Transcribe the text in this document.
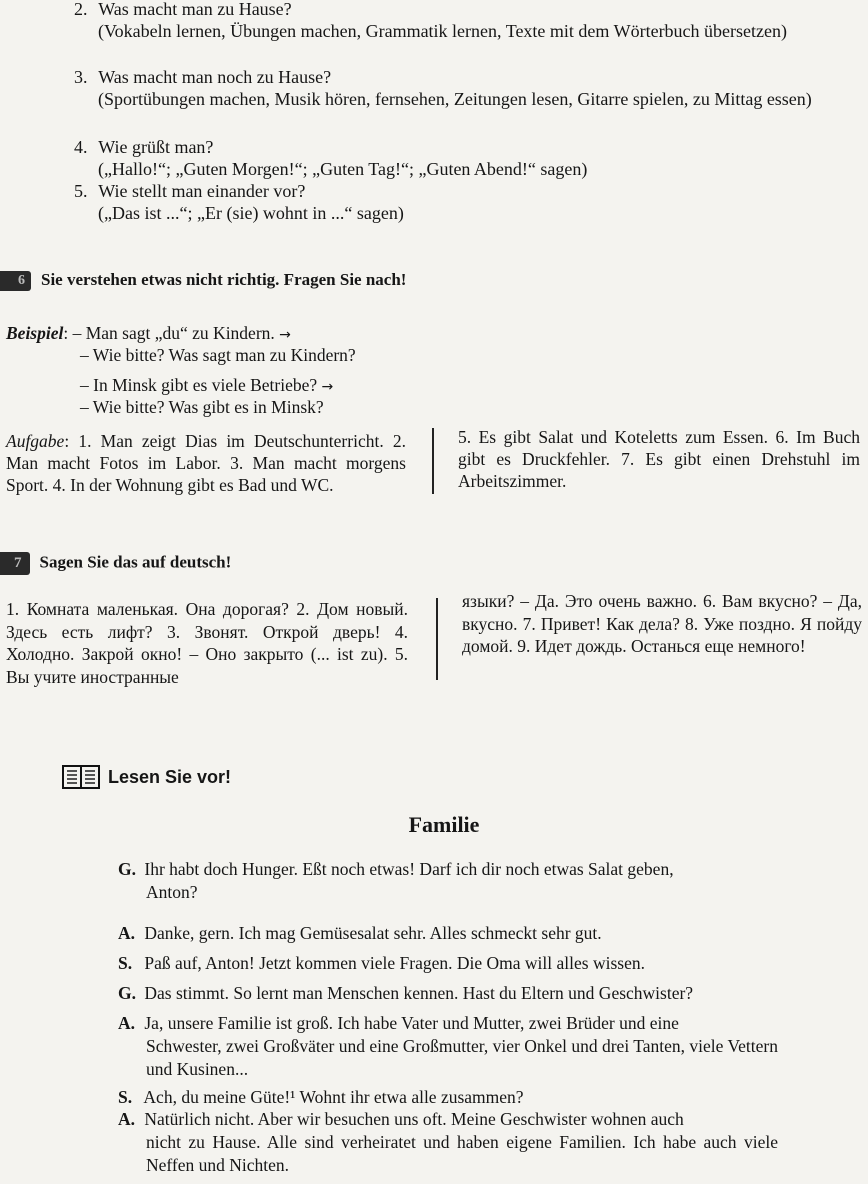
2. Was macht man zu Hause?
(Vokabeln lernen, Übungen machen, Grammatik lernen, Texte mit dem Wörterbuch übersetzen)
3. Was macht man noch zu Hause?
(Sportübungen machen, Musik hören, fernsehen, Zeitungen lesen, Gitarre spielen, zu Mittag essen)
4. Wie grüßt man?
(„Hallo!“; „Guten Morgen!“; „Guten Tag!“; „Guten Abend!“ sagen)
5. Wie stellt man einander vor?
(„Das ist ...“; „Er (sie) wohnt in ...“ sagen)
6 Sie verstehen etwas nicht richtig. Fragen Sie nach!
Beispiel: – Man sagt „du“ zu Kindern. →
– Wie bitte? Was sagt man zu Kindern?
– In Minsk gibt es viele Betriebe? →
– Wie bitte? Was gibt es in Minsk?
Aufgabe: 1. Man zeigt Dias im Deutschunterricht. 2. Man macht Fotos im Labor. 3. Man macht morgens Sport. 4. In der Wohnung gibt es Bad und WC.
5. Es gibt Salat und Koteletts zum Essen. 6. Im Buch gibt es Druckfehler. 7. Es gibt einen Drehstuhl im Arbeitszimmer.
7 Sagen Sie das auf deutsch!
1. Комната маленькая. Она дорогая? 2. Дом новый. Здесь есть лифт? 3. Звонят. Открой дверь! 4. Холодно. Закрой окно! – Оно закрыто (... ist zu). 5. Вы учите иностранные
языки? – Да. Это очень важно. 6. Вам вкусно? – Да, вкусно. 7. Привет! Как дела? 8. Уже поздно. Я пойду домой. 9. Идет дождь. Останься еще немного!
Lesen Sie vor!
Familie
G. Ihr habt doch Hunger. Eßt noch etwas! Darf ich dir noch etwas Salat geben,
Anton?
A. Danke, gern. Ich mag Gemüsesalat sehr. Alles schmeckt sehr gut.
S. Paß auf, Anton! Jetzt kommen viele Fragen. Die Oma will alles wissen.
G. Das stimmt. So lernt man Menschen kennen. Hast du Eltern und Geschwister?
A. Ja, unsere Familie ist groß. Ich habe Vater und Mutter, zwei Brüder und eine
Schwester, zwei Großväter und eine Großmutter, vier Onkel und drei Tanten, viele Vettern und Kusinen...
S. Ach, du meine Güte!¹ Wohnt ihr etwa alle zusammen?
A. Natürlich nicht. Aber wir besuchen uns oft. Meine Geschwister wohnen auch
nicht zu Hause. Alle sind verheiratet und haben eigene Familien. Ich habe auch viele Neffen und Nichten.
